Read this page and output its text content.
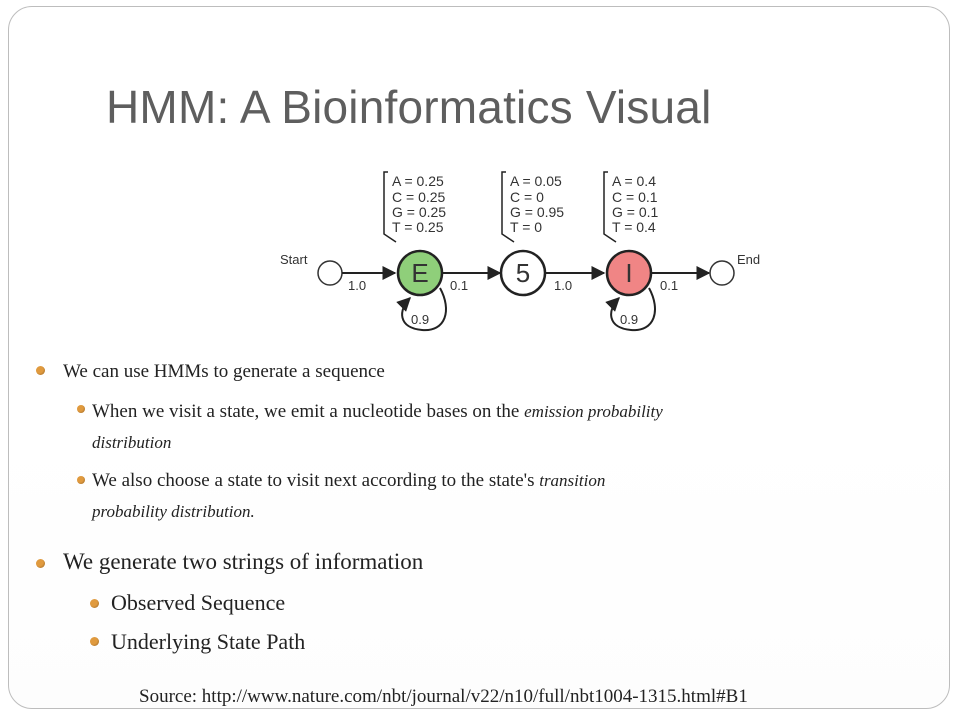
HMM: A Bioinformatics Visual
A = 0.25
C = 0.25
G = 0.25
T = 0.25
A = 0.05
C = 0
G = 0.95
T = 0
A = 0.4
C = 0.1
G = 0.1
T = 0.4
Start	End
1.0	0.1	1.0	0.1
E	5	I
0.9	0.9
We can use HMMs to generate a sequence
When we visit a state, we emit a nucleotide bases on the emission probability
distribution
We also choose a state to visit next according to the state's transition
probability distribution.
We generate two strings of information
Observed Sequence
Underlying State Path
Source: http://www.nature.com/nbt/journal/v22/n10/full/nbt1004-1315.html#B1
